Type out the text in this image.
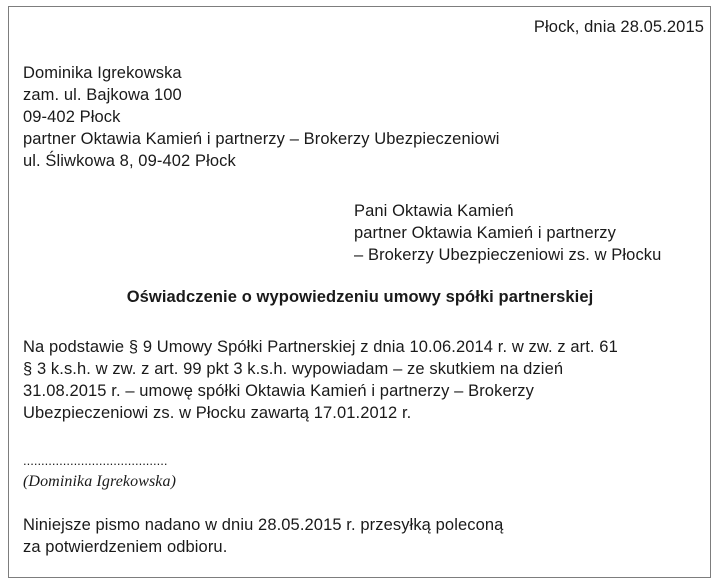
Płock, dnia 28.05.2015
Dominika Igrekowska
zam. ul. Bajkowa 100
09-402 Płock
partner Oktawia Kamień i partnerzy – Brokerzy Ubezpieczeniowi
ul. Śliwkowa 8, 09-402 Płock
Pani Oktawia Kamień
partner Oktawia Kamień i partnerzy
– Brokerzy Ubezpieczeniowi zs. w Płocku
Oświadczenie o wypowiedzeniu umowy spółki partnerskiej
Na podstawie § 9 Umowy Spółki Partnerskiej z dnia 10.06.2014 r. w zw. z art. 61
§ 3 k.s.h. w zw. z art. 99 pkt 3 k.s.h. wypowiadam – ze skutkiem na dzień
31.08.2015 r. – umowę spółki Oktawia Kamień i partnerzy – Brokerzy
Ubezpieczeniowi zs. w Płocku zawartą 17.01.2012 r.
........................................
(Dominika Igrekowska)
Niniejsze pismo nadano w dniu 28.05.2015 r. przesyłką poleconą
za potwierdzeniem odbioru.
